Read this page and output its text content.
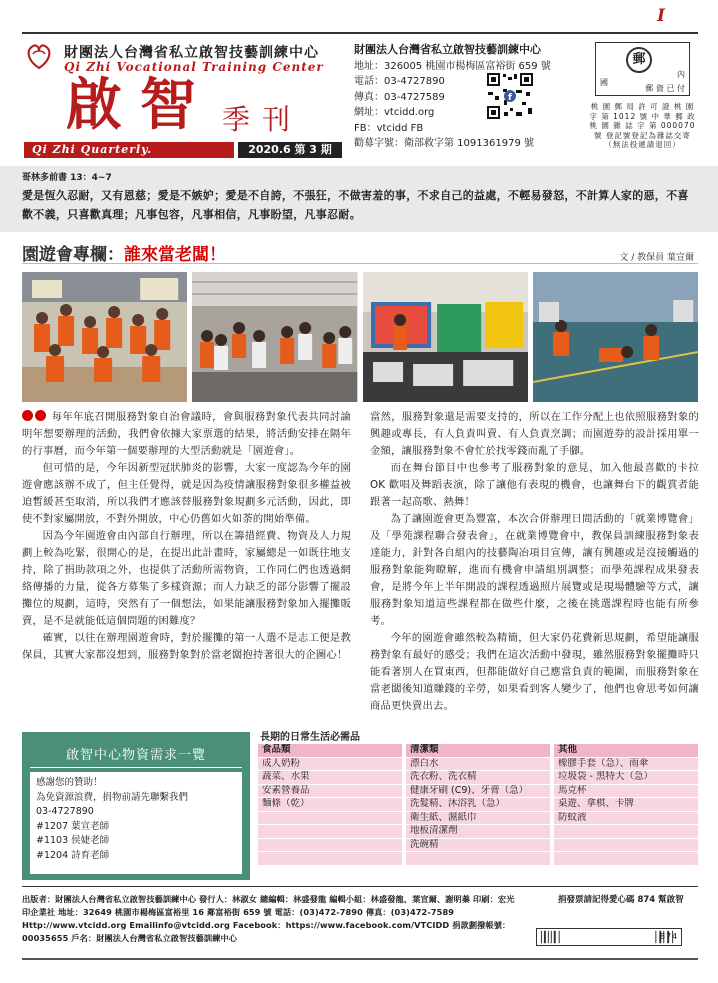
I
財團法人台灣省私立啟智技藝訓練中心
Qi Zhi Vocational Training Center
啟智 季刊
Qi Zhi Quarterly.	2020.6 第 3 期
財團法人台灣省私立啟智技藝訓練中心
地址：326005 桃園市楊梅區富裕街 659 號
電話：03-4727890
傳真：03-4727589
網址：vtcidd.org
FB：vtcidd FB
勸募字號：衛部救字第 1091361979 號
f
郵
國
內
郵 資 已 付
桃 園 郵 局 許 可 證 桃 園 字 第 1012 號 中 華 郵 政 桃 園 雜 誌 字 第 000070 號 登記號登記為雜誌交寄 （無法投遞請退回）
哥林多前書 13：4~7
愛是恆久忍耐，又有恩慈；愛是不嫉妒；愛是不自誇，不張狂，不做害羞的事，不求自己的益處，不輕易發怒，不計算人家的惡，不喜歡不義，只喜歡真理；凡事包容，凡事相信，凡事盼望，凡事忍耐。
園遊會專欄：誰來當老闆！	文 / 教保員 葉宣爾

每年年底召開服務對象自治會議時，會與服務對象代表共同討論明年想要辦理的活動，我們會依據大家票選的結果，將活動安排在隔年的行事曆，而今年第一個要辦理的大型活動就是「園遊會」。

但可惜的是，今年因新型冠狀肺炎的影響，大家一度認為今年的園遊會應該辦不成了，但主任覺得，就是因為疫情讓服務對象很多權益被迫暫緩甚至取消，所以我們才應該替服務對象規劃多元活動，因此，即使不對家屬開放，不對外開放，中心仍舊如火如荼的開始準備。

因為今年園遊會由內部自行辦理，所以在籌措經費、物資及人力規劃上較為吃緊，很開心的是，在提出此計畫時，家屬總是一如既往地支持，除了捐助款項之外，也提供了活動所需物資，工作同仁們也透過網絡傳播的力量，從各方募集了多樣資源；而人力缺乏的部分影響了擺設攤位的規劃，這時，突然有了一個想法，如果能讓服務對象加入擺攤販賣，是不是就能低這個問題的困難度？

確實，以往在辦理園遊會時，對於擺攤的第一人選不是志工便是教保員，其實大家都沒想到，服務對象對於當老闆抱持著很大的企圖心！

當然，服務對象還是需要支持的，所以在工作分配上也依照服務對象的興趣或專長，有人負責叫賣、有人負責烹調；而園遊券的設計採用單一金額，讓服務對象不會忙於找零錢而亂了手腳。

而在舞台節目中也參考了服務對象的意見，加入他最喜歡的卡拉 OK 歡唱及舞蹈表演，除了讓他有表現的機會，也讓舞台下的觀賞者能跟著一起高歌、熱舞！

為了讓園遊會更為豐富，本次合併辦理日間活動的「就業博覽會」及「學苑課程聯合發表會」，在就業博覽會中，教保員訓練服務對象表達能力，針對各自組內的技藝陶冶項目宣傳，讓有興趣或是沒接觸過的服務對象能夠瞭解，進而有機會申請組別調整；而學苑課程成果發表會，是將今年上半年開設的課程透過照片展覽或是現場體驗等方式，讓服務對象知道這些課程都在做些什麼，之後在挑選課程時也能有所參考。

今年的園遊會雖然較為精簡，但大家仍花費新思規劃，希望能讓服務對象有最好的感受；我們在這次活動中發現，雖然服務對象擺攤時只能看著別人在買東西，但都能做好自己應當負責的範圍，而服務對象在當老闆後知道賺錢的辛勞，如果看到客人變少了，他們也會思考如何讓商品更快賣出去。

啟智中心物資需求一覽
感謝您的贊助！
為免資源浪費，捐物前請先聯繫我們
03-4727890
#1207 葉宣老師
#1103 侯婕老師
#1204 詩育老師
長期的日常生活必需品
食品類
成人奶粉
蔬菜、水果
安素營養品
麵條（乾）
清潔類
漂白水
洗衣粉、洗衣精
健康牙刷 (C9)、牙膏（急）
洗髮精、沐浴乳（急）
衛生紙、濕紙巾
地板清潔劑
洗碗精
其他
橡膠手套（急）、雨傘
垃圾袋 - 黑特大（急）
馬克杯
桌遊、拿棋、卡牌
防蚊液
出版者：財團法人台灣省私立啟智技藝訓練中心 發行人：林淑女 總編輯：林盛發龍 編輯小組：林盛發龍、葉宣爾、謝明蓁 印刷：宏光印企業社 地址：32649 桃園市楊梅區富裕里 16 鄰富裕街 659 號 電話：(03)472-7890 傳真：(03)472-7589 Http://www.vtcidd.org Emailinfo@vtcidd.org Facebook：https://www.facebook.com/VTCIDD 捐款劃撥帳號：00035655 戶名：財團法人台灣省私立啟智技藝訓練中心
捐發票請記得愛心碼 874 幫啟智
874
